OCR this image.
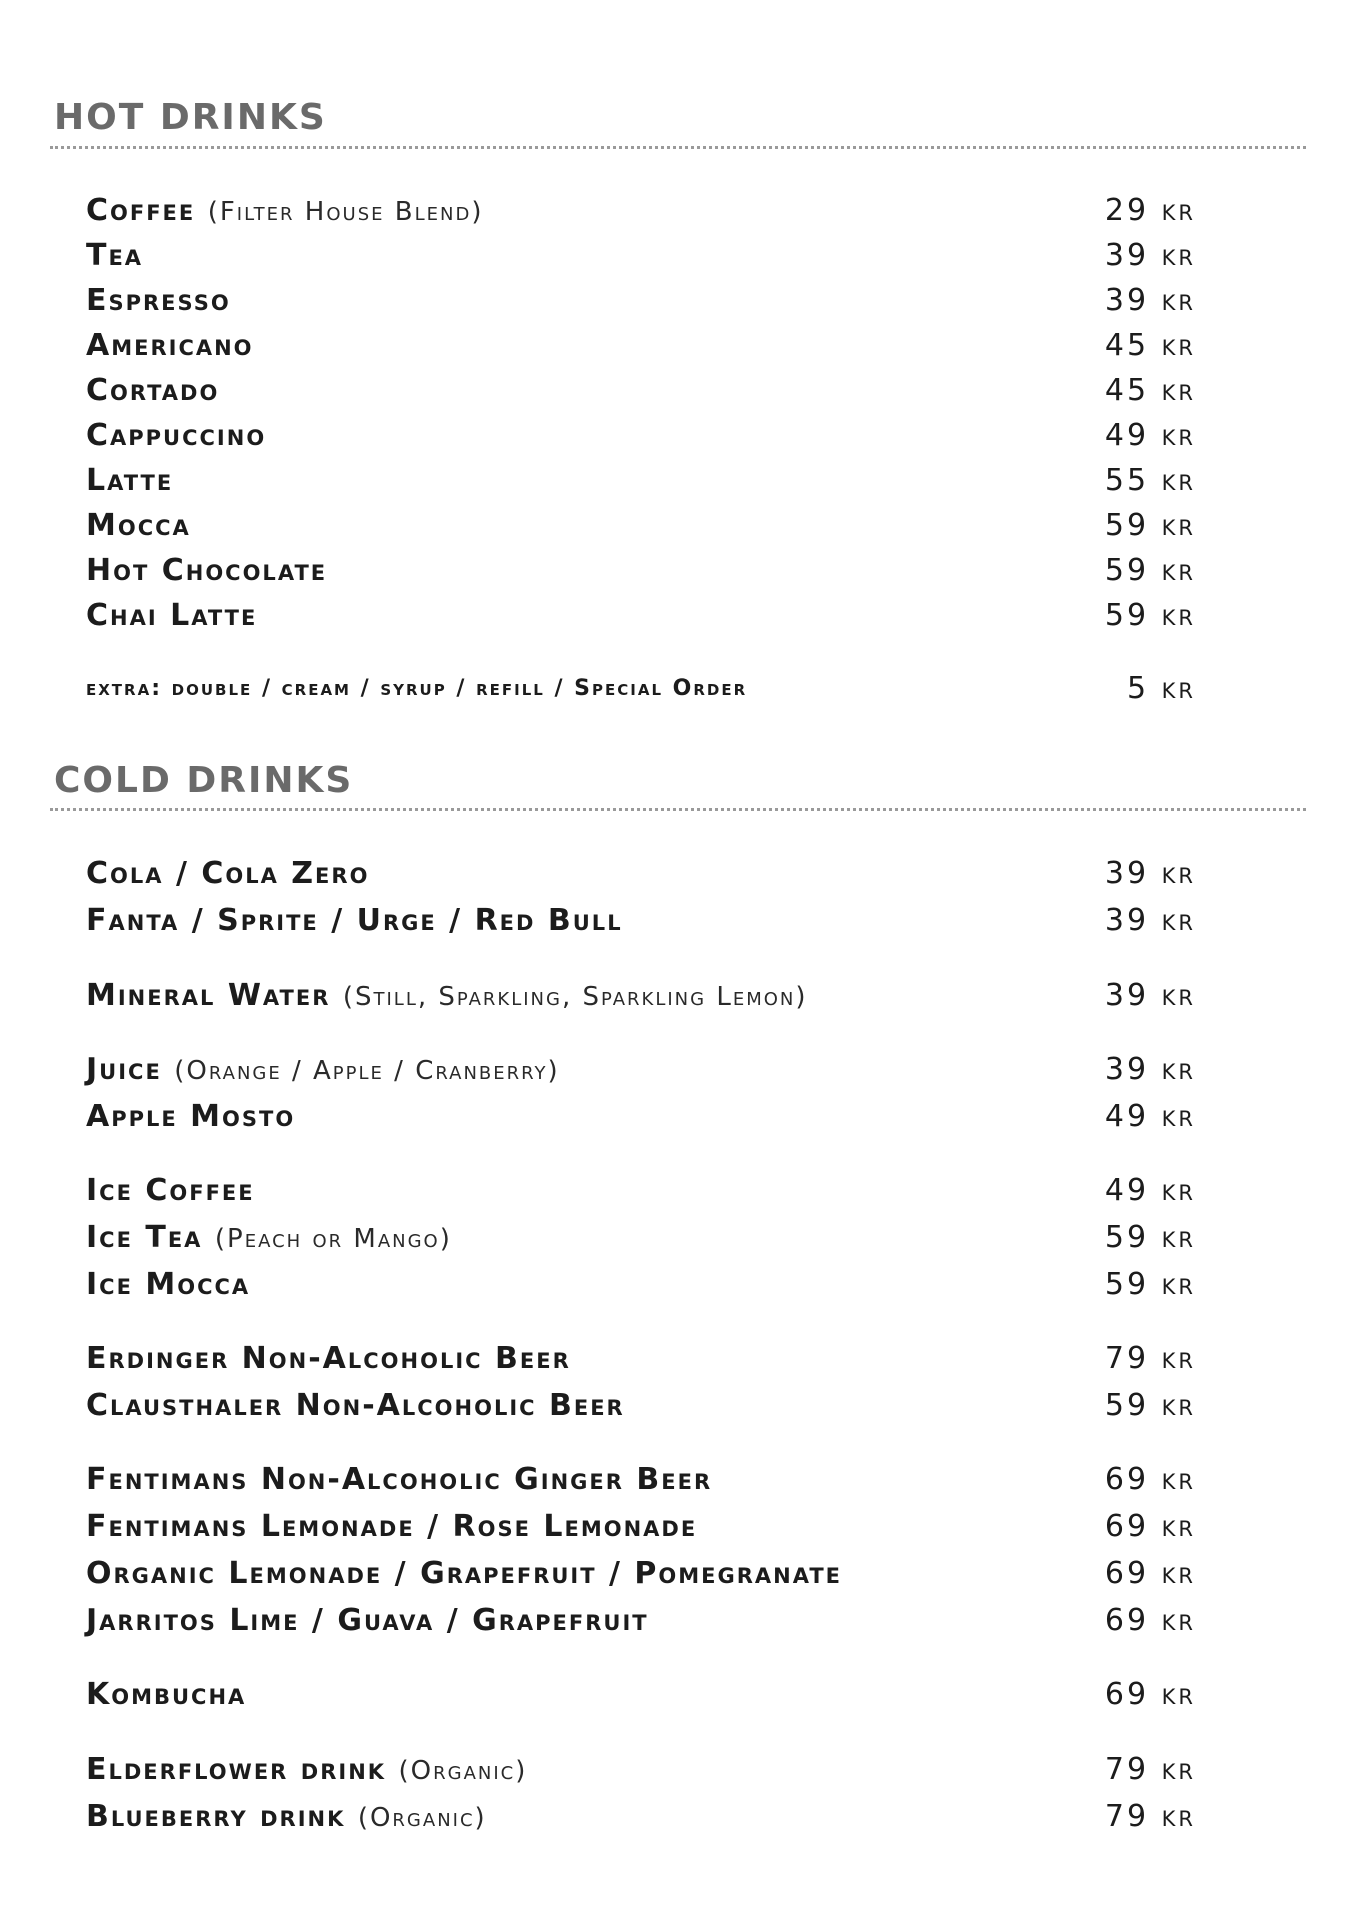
HOT DRINKS
Coffee (Filter House Blend)	29 kr
Tea	39 kr
Espresso	39 kr
Americano	45 kr
Cortado	45 kr
Cappuccino	49 kr
Latte	55 kr
Mocca	59 kr
Hot Chocolate	59 kr
Chai Latte	59 kr
extra: double / cream / syrup / refill / Special Order	5 kr
COLD DRINKS
Cola / Cola Zero	39 kr
Fanta / Sprite / Urge / Red Bull	39 kr
Mineral Water (Still, Sparkling, Sparkling Lemon)	39 kr
Juice (Orange / Apple / Cranberry)	39 kr
Apple Mosto	49 kr
Ice Coffee	49 kr
Ice Tea (Peach or Mango)	59 kr
Ice Mocca	59 kr
Erdinger Non-Alcoholic Beer	79 kr
Clausthaler Non-Alcoholic Beer	59 kr
Fentimans Non-Alcoholic Ginger Beer	69 kr
Fentimans Lemonade / Rose Lemonade	69 kr
Organic Lemonade / Grapefruit / Pomegranate	69 kr
Jarritos Lime / Guava / Grapefruit	69 kr
Kombucha	69 kr
Elderflower drink (Organic)	79 kr
Blueberry drink (Organic)	79 kr
